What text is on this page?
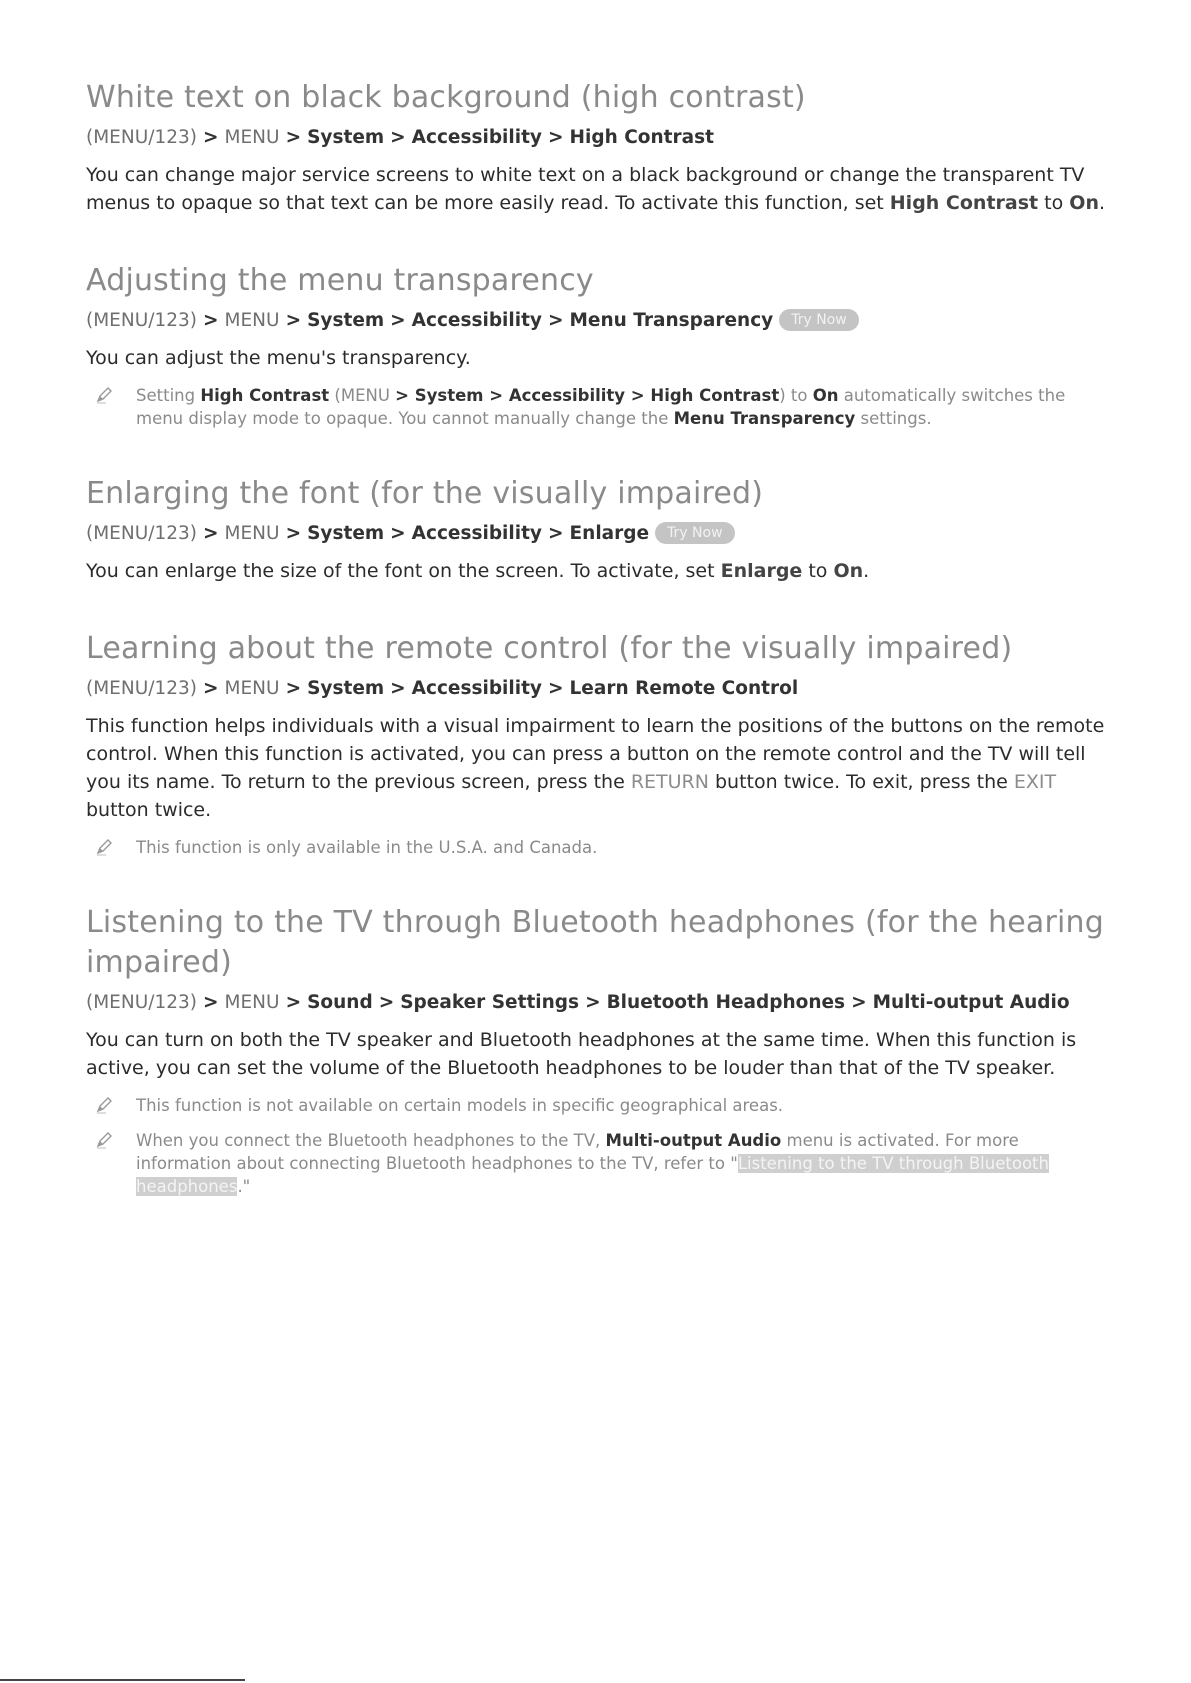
White text on black background (high contrast)
(MENU/123) > MENU > System > Accessibility > High Contrast

You can change major service screens to white text on a black background or change the transparent TV menus to opaque so that text can be more easily read. To activate this function, set High Contrast to On.

Adjusting the menu transparency
(MENU/123) > MENU > System > Accessibility > Menu Transparency Try Now

You can adjust the menu's transparency.

Setting High Contrast (MENU > System > Accessibility > High Contrast) to On automatically switches the menu display mode to opaque. You cannot manually change the Menu Transparency settings.
Enlarging the font (for the visually impaired)
(MENU/123) > MENU > System > Accessibility > Enlarge Try Now

You can enlarge the size of the font on the screen. To activate, set Enlarge to On.

Learning about the remote control (for the visually impaired)
(MENU/123) > MENU > System > Accessibility > Learn Remote Control

This function helps individuals with a visual impairment to learn the positions of the buttons on the remote control. When this function is activated, you can press a button on the remote control and the TV will tell you its name. To return to the previous screen, press the RETURN button twice. To exit, press the EXIT button twice.

This function is only available in the U.S.A. and Canada.
Listening to the TV through Bluetooth headphones (for the hearing impaired)
(MENU/123) > MENU > Sound > Speaker Settings > Bluetooth Headphones > Multi-output Audio

You can turn on both the TV speaker and Bluetooth headphones at the same time. When this function is active, you can set the volume of the Bluetooth headphones to be louder than that of the TV speaker.

This function is not available on certain models in specific geographical areas.
When you connect the Bluetooth headphones to the TV, Multi-output Audio menu is activated. For more information about connecting Bluetooth headphones to the TV, refer to "Listening to the TV through Bluetooth headphones."
